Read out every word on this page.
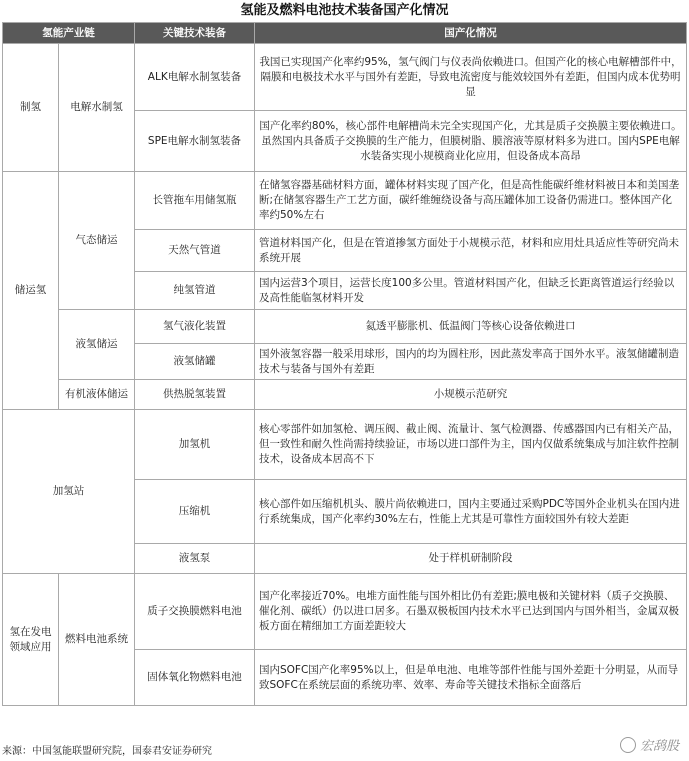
氢能及燃料电池技术装备国产化情况
氢能产业链		关键技术装备	国产化情况
制氢	电解水制氢	ALK电解水制氢装备	我国已实现国产化率约95%，氢气阀门与仪表尚依赖进口。但国产化的核心电解槽部件中，隔膜和电极技术水平与国外有差距，导致电流密度与能效较国外有差距，但国内成本优势明显
		SPE电解水制氢装备	国产化率约80%，核心部件电解槽尚未完全实现国产化，尤其是质子交换膜主要依赖进口。虽然国内具备质子交换膜的生产能力，但膜树脂、膜溶液等原材料多为进口。国内SPE电解水装备实现小规模商业化应用，但设备成本高昂
储运氢	气态储运	长管拖车用储氢瓶	在储氢容器基础材料方面，罐体材料实现了国产化，但是高性能碳纤维材料被日本和美国垄断;在储氢容器生产工艺方面，碳纤维缠绕设备与高压罐体加工设备仍需进口。整体国产化率约50%左右
		天然气管道	管道材料国产化，但是在管道掺氢方面处于小规模示范，材料和应用灶具适应性等研究尚未系统开展
		纯氢管道	国内运营3个项目，运营长度100多公里。管道材料国产化，但缺乏长距离管道运行经验以及高性能临氢材料开发
	液氢储运	氢气液化装置	氦透平膨胀机、低温阀门等核心设备依赖进口
		液氢储罐	国外液氢容器一般采用球形，国内的均为圆柱形，因此蒸发率高于国外水平。液氢储罐制造技术与装备与国外有差距
	有机液体储运	供热脱氢装置	小规模示范研究
加氢站		加氢机	核心零部件如加氢枪、调压阀、截止阀、流量计、氢气检测器、传感器国内已有相关产品，但一致性和耐久性尚需持续验证，市场以进口部件为主，国内仅做系统集成与加注软件控制技术，设备成本居高不下
		压缩机	核心部件如压缩机机头、膜片尚依赖进口，国内主要通过采购PDC等国外企业机头在国内进行系统集成，国产化率约30%左右，性能上尤其是可靠性方面较国外有较大差距
		液氢泵	处于样机研制阶段
氢在发电领域应用	燃料电池系统	质子交换膜燃料电池	国产化率接近70%。电堆方面性能与国外相比仍有差距;膜电极和关键材料（质子交换膜、催化剂、碳纸）仍以进口居多。石墨双极板国内技术水平已达到国内与国外相当，金属双极板方面在精细加工方面差距较大
		固体氧化物燃料电池	国内SOFC国产化率95%以上，但是单电池、电堆等部件性能与国外差距十分明显，从而导致SOFC在系统层面的系统功率、效率、寿命等关键技术指标全面落后
来源：中国氢能联盟研究院，国泰君安证券研究	宏鸹股
